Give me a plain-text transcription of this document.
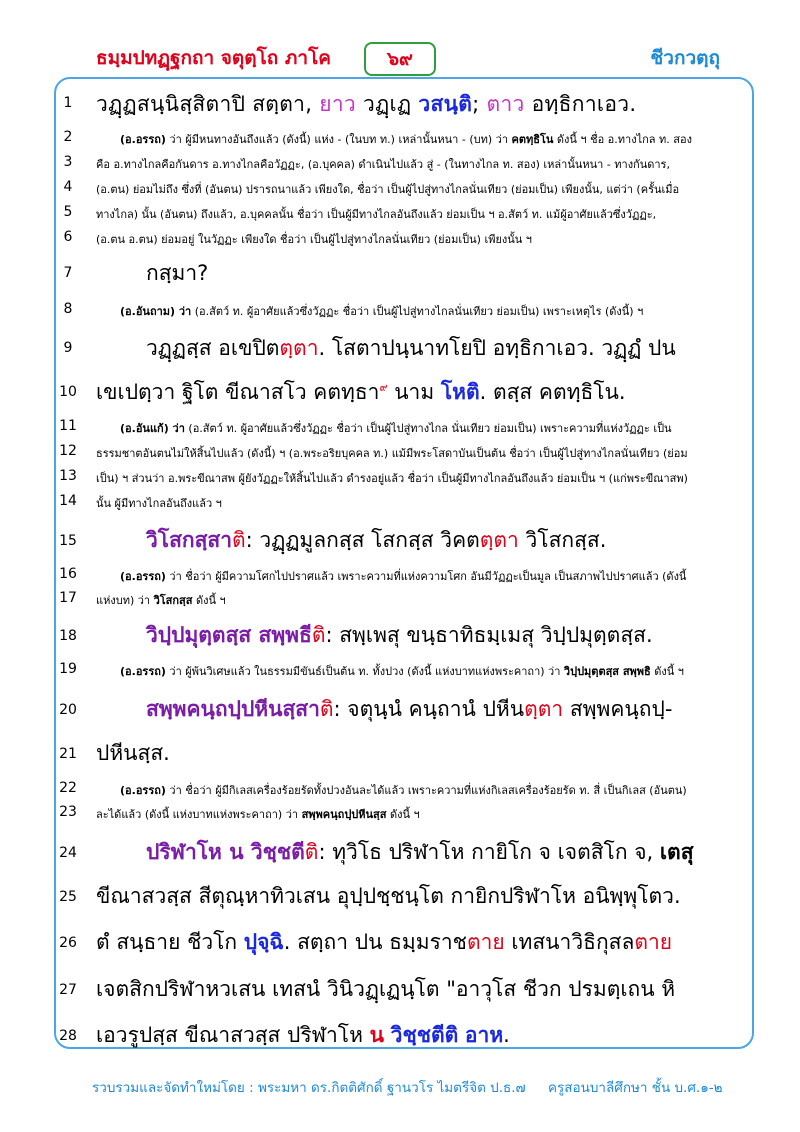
ธมฺมปทฏฺฐกถา จตุตฺโถ ภาโค	๖๙	ชีวกวตฺถุ
1
2
3
4
5
6
7
8
9
10
11
12
13
14
15
16
17
18
19
20
21
22
23
24
25
26
27
28
วฏฺฏสนฺนิสฺสิตาปิ สตฺตา, ยาว วฏฺเฏ วสนฺติ; ตาว อทฺธิกาเอว.
(อ.อรรถ) ว่า ผู้มีหนทางอันถึงแล้ว (ดังนี้) แห่ง - (ในบท ท.) เหล่านั้นหนา - (บท) ว่า คตทฺธิโน ดังนี้ ฯ ชื่อ อ.ทางไกล ท. สอง
คือ อ.ทางไกลคือกันดาร อ.ทางไกลคือวัฏฏะ, (อ.บุคคล) ดำเนินไปแล้ว สู่ - (ในทางไกล ท. สอง) เหล่านั้นหนา - ทางกันดาร,
(อ.ตน) ย่อมไม่ถึง ซึ่งที่ (อันตน) ปรารถนาแล้ว เพียงใด, ชื่อว่า เป็นผู้ไปสู่ทางไกลนั่นเทียว (ย่อมเป็น) เพียงนั้น, แต่ว่า (ครั้นเมื่อ
ทางไกล) นั้น (อันตน) ถึงแล้ว, อ.บุคคลนั้น ชื่อว่า เป็นผู้มีทางไกลอันถึงแล้ว ย่อมเป็น ฯ อ.สัตว์ ท. แม้ผู้อาศัยแล้วซึ่งวัฏฏะ,
(อ.ตน อ.ตน) ย่อมอยู่ ในวัฏฏะ เพียงใด ชื่อว่า เป็นผู้ไปสู่ทางไกลนั่นเทียว (ย่อมเป็น) เพียงนั้น ฯ
กสฺมา?
(อ.อันถาม) ว่า (อ.สัตว์ ท. ผู้อาศัยแล้วซึ่งวัฏฏะ ชื่อว่า เป็นผู้ไปสู่ทางไกลนั่นเทียว ย่อมเป็น) เพราะเหตุไร (ดังนี้) ฯ
วฏฺฏสฺส อเขปิตตฺตา. โสตาปนฺนาทโยปิ อทฺธิกาเอว. วฏฺฏํ ปน
เขเปตฺวา ฐิโต ขีณาสโว คตทฺธา$^๙$ นาม โหติ. ตสฺส คตทฺธิโน.
(อ.อันแก้) ว่า (อ.สัตว์ ท. ผู้อาศัยแล้วซึ่งวัฏฏะ ชื่อว่า เป็นผู้ไปสู่ทางไกล นั่นเทียว ย่อมเป็น) เพราะความที่แห่งวัฏฏะ เป็น
ธรรมชาตอันตนไม่ให้สิ้นไปแล้ว (ดังนี้) ฯ (อ.พระอริยบุคคล ท.) แม้มีพระโสดาบันเป็นต้น ชื่อว่า เป็นผู้ไปสู่ทางไกลนั่นเทียว (ย่อม
เป็น) ฯ ส่วนว่า อ.พระขีณาสพ ผู้ยังวัฏฏะให้สิ้นไปแล้ว ดำรงอยู่แล้ว ชื่อว่า เป็นผู้มีทางไกลอันถึงแล้ว ย่อมเป็น ฯ (แก่พระขีณาสพ)
นั้น ผู้มีทางไกลอันถึงแล้ว ฯ
วิโสกสฺสาติ: วฏฺฏมูลกสฺส โสกสฺส วิคตตฺตา วิโสกสฺส.
(อ.อรรถ) ว่า ชื่อว่า ผู้มีความโศกไปปราศแล้ว เพราะความที่แห่งความโศก อันมีวัฏฏะเป็นมูล เป็นสภาพไปปราศแล้ว (ดังนี้
แห่งบท) ว่า วิโสกสฺส ดังนี้ ฯ
วิปฺปมุตฺตสฺส สพฺพธีติ: สพฺเพสุ ขนฺธาทิธมฺเมสุ วิปฺปมุตฺตสฺส.
(อ.อรรถ) ว่า ผู้พ้นวิเศษแล้ว ในธรรมมีขันธ์เป็นต้น ท. ทั้งปวง (ดังนี้ แห่งบาทแห่งพระคาถา) ว่า วิปฺปมุตฺตสฺส สพฺพธิ ดังนี้ ฯ
สพฺพคนฺถปฺปหีนสฺสาติ: จตุนฺนํ คนฺถานํ ปหีนตฺตา สพฺพคนฺถปฺ-
ปหีนสฺส.
(อ.อรรถ) ว่า ชื่อว่า ผู้มีกิเลสเครื่องร้อยรัดทั้งปวงอันละได้แล้ว เพราะความที่แห่งกิเลสเครื่องร้อยรัด ท. สี่ เป็นกิเลส (อันตน)
ละได้แล้ว (ดังนี้ แห่งบาทแห่งพระคาถา) ว่า สพฺพคนฺถปฺปหีนสฺส ดังนี้ ฯ
ปริฬาโห น วิชฺชตีติ: ทุวิโธ ปริฬาโห กายิโก จ เจตสิโก จ, เตสุ
ขีณาสวสฺส สีตุณฺหาทิวเสน อุปฺปชฺชนฺโต กายิกปริฬาโห อนิพฺพุโตว.
ตํ สนฺธาย ชีวโก ปุจฺฉิ. สตฺถา ปน ธมฺมราชตาย เทสนาวิธิกุสลตาย
เจตสิกปริฬาหวเสน เทสนํ วินิวฏฺเฏนฺโต "อาวุโส ชีวก ปรมตฺเถน หิ
เอวรูปสฺส ขีณาสวสฺส ปริฬาโห น วิชฺชตีติ อาห.
รวบรวมและจัดทำใหม่โดย : พระมหา ดร.กิตติศักดิ์ ฐานวโร ไมตรีจิต ป.ธ.๗ ครูสอนบาลีศึกษา ชั้น บ.ศ.๑-๒
